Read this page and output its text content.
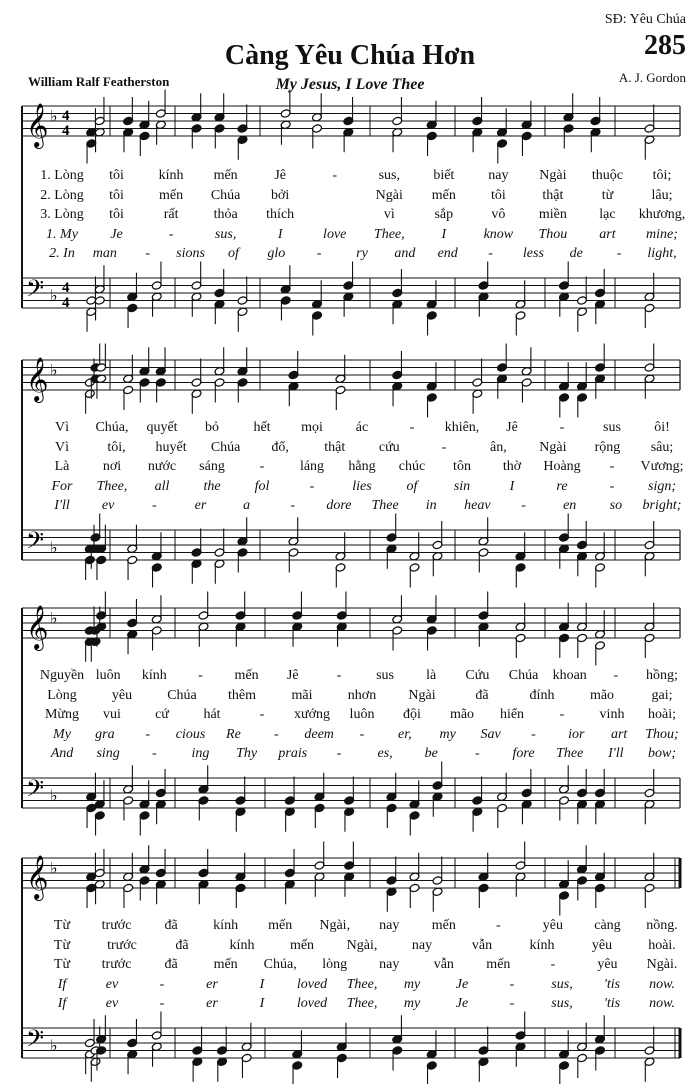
SĐ: Yêu Chúa
285
Càng Yêu Chúa Hơn
William Ralf Featherston	My Jesus, I Love Thee	A. J. Gordon
𝄞 ♭ 4
4
1. Lòng tôi kính mến	Jê	-	sus, biết nay Ngài thuộc tôi;
2. Lòng tôi	mến Chúa bởi	Ngài mến	tôi	thật	từ	lâu;
3. Lòng tôi	rất	thỏa thích	vì	sắp	vô miền lạc khương,
1. My Je	-	sus,	I	love Thee,	I	know Thou art mine;
2. In man - sions of glo - ry and end - less de - light,
𝄢 ♭ 4
4
𝄞 ♭
Vì Chúa, quyết bỏ hết mọi ác	- khiên, Jê	-	sus ôi!
Vì	tôi, huyết Chúa đổ,	thật cứu	-	ân, Ngài rộng sâu;
Là nơi nước sáng -	láng hằng chúc tôn thờ Hoàng - Vương;
For Thee, all the fol	-	lies of	sin	I	re	- sign;
I'll ev	-	er	a	- dore Thee in heav -	en so bright;
𝄢 ♭
𝄞 ♭
Nguyền luôn kính - mến Jê	- sus là Cứu Chúa khoan - hồng;
Lòng	yêu	Chúa thêm	mãi	nhơn Ngài	đã	đính	mão	gai;
Mừng vui cứ hát	- xướng luôn đội mão hiển	-	vinh hoài;
My gra - cious Re - deem - er, my Sav - ior art Thou;
And sing - ing Thy prais -	es, be	- fore Thee I'll bow;
𝄢 ♭
𝄞 ♭
Từ trước đã	kính mến Ngài, nay mến	-	yêu càng nồng.
Từ	trước	đã	kính	mến Ngài, nay	vẫn	kính	yêu	hoài.
Từ trước đã	mến Chúa, lòng nay vẫn mến	-	yêu Ngài.
If	ev	-	er	I loved Thee, my	Je	-	sus, 'tis now.
If	ev	-	er	I loved Thee, my	Je	-	sus, 'tis now.
𝄢 ♭
